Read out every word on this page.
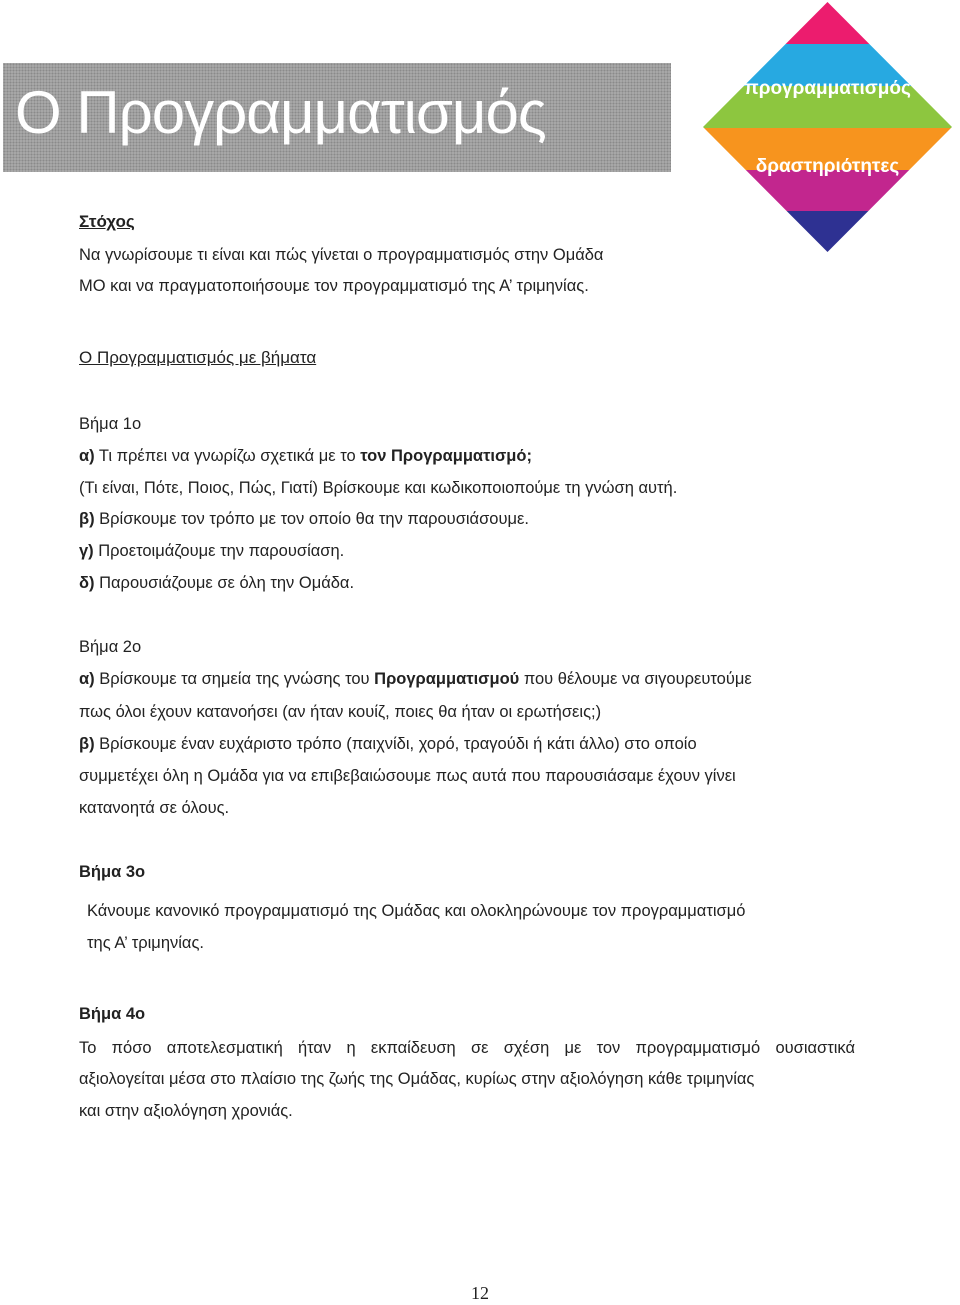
Ο Προγραμματισμός	προγραμματισμός
δραστηριότητες

Στόχος

Να γνωρίσουμε τι είναι και πώς γίνεται ο προγραμματισμός στην Ομάδα

ΜΟ και να πραγματοποιήσουμε τον προγραμματισμό της Α’ τριμηνίας.

Ο Προγραμματισμός με βήματα

Βήμα 1ο

α) Τι πρέπει να γνωρίζω σχετικά με το τον Προγραμματισμό;

(Τι είναι, Πότε, Ποιος, Πώς, Γιατί) Βρίσκουμε και κωδικοποιοπούμε τη γνώση αυτή.

β) Βρίσκουμε τον τρόπο με τον οποίο θα την παρουσιάσουμε.

γ) Προετοιμάζουμε την παρουσίαση.

δ) Παρουσιάζουμε σε όλη την Ομάδα.

Βήμα 2ο

α) Βρίσκουμε τα σημεία της γνώσης του Προγραμματισμού που θέλουμε να σιγουρευτούμε

πως όλοι έχουν κατανοήσει (αν ήταν κουίζ, ποιες θα ήταν οι ερωτήσεις;)

β) Βρίσκουμε έναν ευχάριστο τρόπο (παιχνίδι, χορό, τραγούδι ή κάτι άλλο) στο οποίο

συμμετέχει όλη η Ομάδα για να επιβεβαιώσουμε πως αυτά που παρουσιάσαμε έχουν γίνει

κατανοητά σε όλους.

Βήμα 3ο

Κάνουμε κανονικό προγραμματισμό της Ομάδας και ολοκληρώνουμε τον προγραμματισμό

της Α’ τριμηνίας.

Βήμα 4ο

Το πόσο αποτελεσματική ήταν η εκπαίδευση σε σχέση με τον προγραμματισμό ουσιαστικά

αξιολογείται μέσα στο πλαίσιο της ζωής της Ομάδας, κυρίως στην αξιολόγηση κάθε τριμηνίας

και στην αξιολόγηση χρονιάς.

12
